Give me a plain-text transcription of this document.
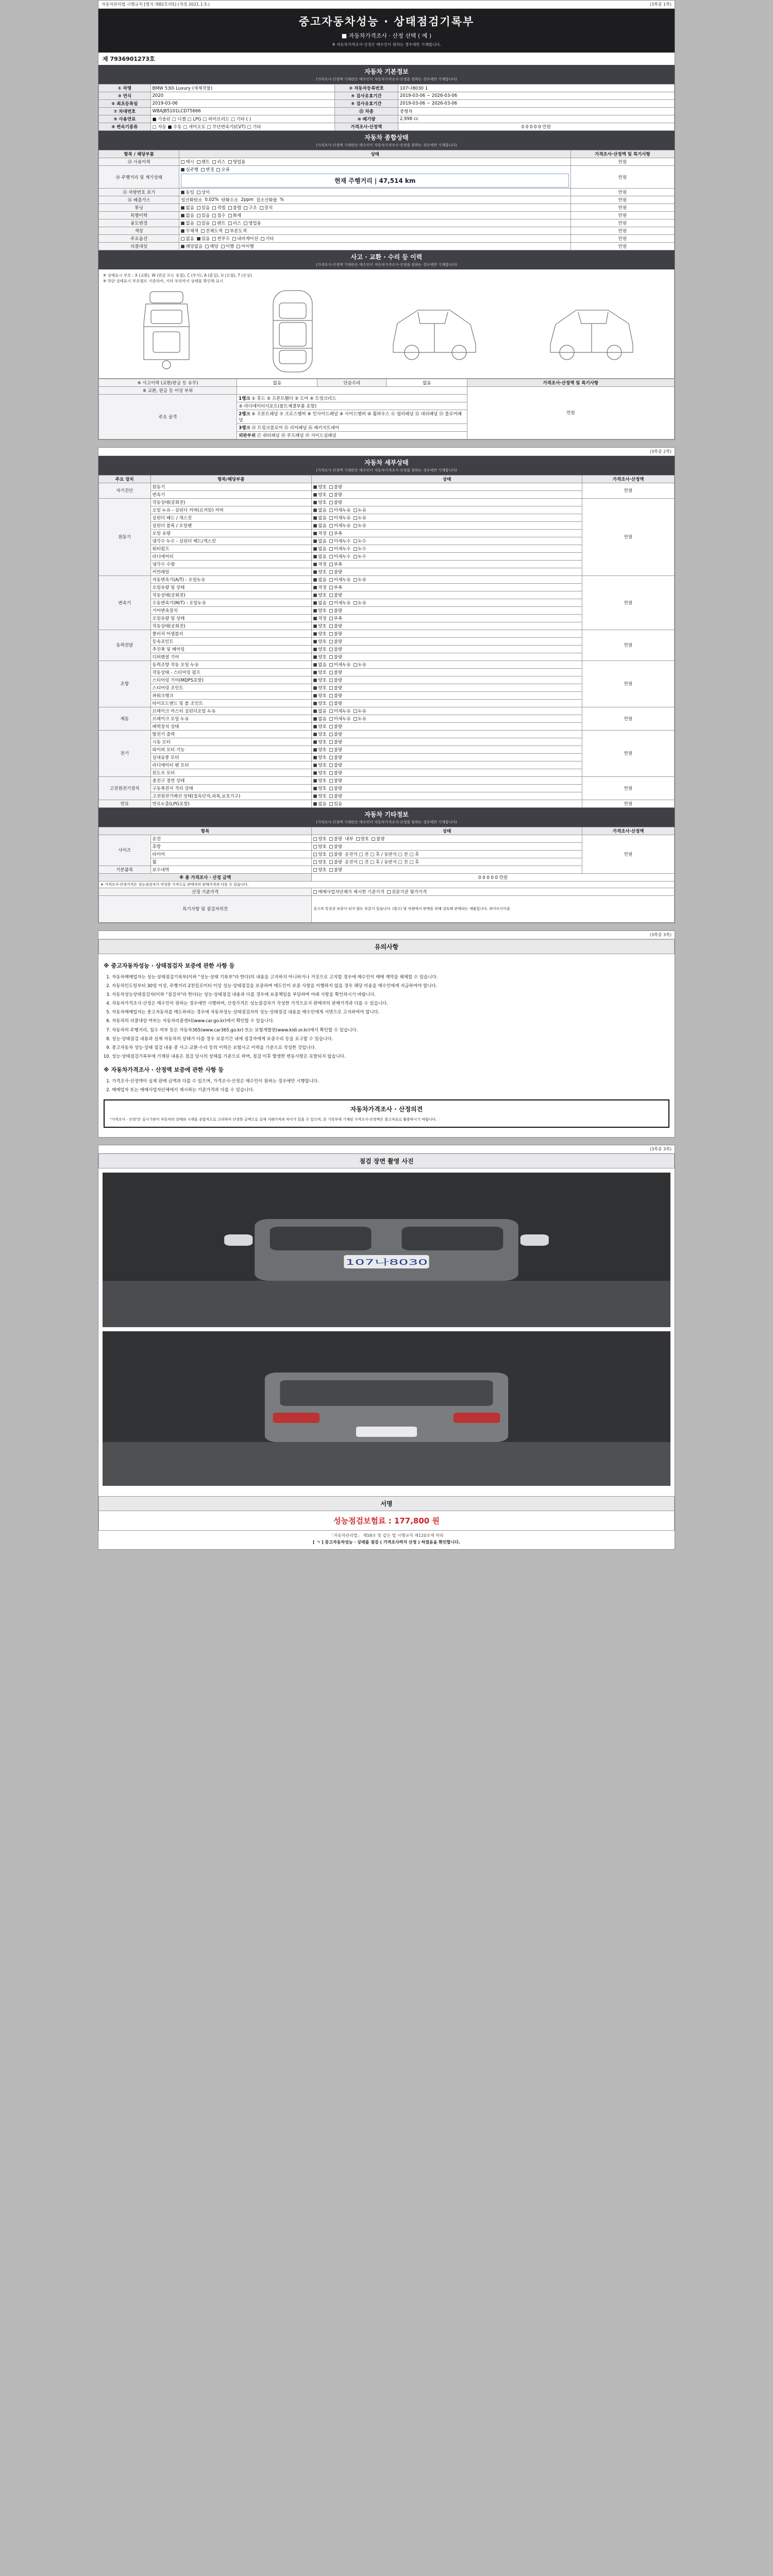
자동차관리법 시행규칙 [별지 제82호의5] (개정 2021.1.5.)	(3쪽중 1쪽)
중고자동차성능 · 상태점검기록부
■ 자동차가격조사 · 산정 선택 ( 예 )
※ 자동차가격조사·산정은 매수인이 원하는 경우에만 기재합니다.
제 7936901273호
자동차 기본정보
(가격조사·산정액 기재란은 매수인이 자동차가격조사·산정을 원하는 경우에만 기재합니다)
① 차명	BMW 530i Luxury (새제작물)	② 자동차등록번호	107나8030 1
③ 연식	2020	④ 검사유효기간	2019-03-06 ~ 2026-03-06
⑤ 최초등록일	2019-03-06	⑥ 검사유효기간	2019-03-06 ~ 2026-03-06
⑦ 차대번호	WBAJB5101LCD75666	⑪ 차종	중형차
⑨ 사용연료	■ 가솔린 □ 디젤 □ LPG □ 하이브리드 □ 기타 ( )	⑩ 배기량	2,998 cc
⑧ 변속기종류	□ 자동 ■ 수동 □ 세미오토 □ 무단변속기(CVT) □ 기타	가격조사·산정액	0 0 0 0 0 만원
자동차 종합상태
(가격조사·산정액 기재란은 매수인이 자동차가격조사·산정을 원하는 경우에만 기재합니다)
항목 / 해당부품	상태	가격조사·산정액 및 특기사항
⑬ 사용이력	택시 렌트 리스 영업용	만원
⑭ 주행거리 및 계기상태	실주행 변경 오류
현재 주행거리 | 47,514 km	만원
⑮ 차량번호 표기	동일 상이	만원
⑯ 배출가스	일산화탄소 0.02% 탄화수소 2ppm 질소산화물 %	만원
튜닝	없음	있음	적법	불법	구조	장치	만원
특별이력	없음 있음 침수 화재	만원
용도변경	없음 있음 렌트 리스 영업용	만원
색상	무채색 전체도색 부분도색	만원
주요옵션	없음 있음 썬루프 내비게이션 기타	만원
리콜대상	해당없음 해당 이행 미이행	만원
사고 · 교환 · 수리 등 이력
(가격조사·산정액 기재란은 매수인이 자동차가격조사·산정을 원하는 경우에만 기재합니다)
※ 상태표시 부호 : X (교환), W (판금 또는 용접), C (부식), A (흠집), U (요철), T (손상)
※ 하단 상태표시 부호별로 기준하여, 기타 부위까지 상태를 확인해 표시
※ 사고이력 (교환/판금 등 유무)	없음	단순수리	없음	가격조사·산정액 및 특기사항
※ 교환, 판금 등 이상 부위				만원
주요 골격	1랭크 ① 후드 ② 프론트휀더 ③ 도어 ④ 트렁크리드			
	⑤ 라디에이터서포트(볼트체결부품 포함)			
	2랭크 ⑥ 프론트패널 ⑦ 크로스멤버 ⑧ 인사이드패널 ⑨ 사이드멤버 ⑩ 휠하우스 ⑪ 필러패널 ⑫ 대쉬패널 ⑬ 플로어패널			
	3랭크 ⑭ 트렁크플로어 ⑮ 리어패널 ⑯ 패키지트레이			
	외판부위 ⑰ 쿼터패널 ⑱ 루프패널 ⑲ 사이드실패널			
(3쪽중 2쪽)
자동차 세부상태
(가격조사·산정액 기재란은 매수인이 자동차가격조사·산정을 원하는 경우에만 기재합니다)
주요 장치	항목/해당부품	상태	가격조사·산정액
자기진단	원동기	양호 불량	만원
	변속기	양호 불량	

원동기	작동상태(공회전)	양호 불량	만원
	오일 누유 - 실린더 커버(로커암) 커버	없음 미세누유 누유	

	실린더 헤드 / 개스킷	없음 미세누유 누유	

	실린더 블록 / 오일팬	없음 미세누유 누유	

	오일 유량	적정 부족	

	냉각수 누수 - 실린더 헤드/개스킷	없음 미세누수 누수	

	워터펌프	없음 미세누수 누수	

	라디에이터	없음 미세누수 누수	

	냉각수 수량	적정 부족	

	커먼레일	양호 불량	

변속기	자동변속기(A/T) - 오일누유	없음 미세누유 누유	만원
	오일유량 및 상태	적정 부족	

	작동상태(공회전)	양호 불량	

	수동변속기(M/T) - 오일누유	없음 미세누유 누유	

	기어변속장치	양호 불량	

	오일유량 및 상태	적정 부족	

	작동상태(공회전)	양호 불량	

동력전달	클러치 어셈블리	양호 불량	만원
	등속죠인트	양호 불량	

	추진축 및 베어링	양호 불량	

	디퍼렌셜 기어	양호 불량	

조향	동력조향 작동 오일 누유	없음 미세누유 누유	만원
	작동상태 - 스티어링 펌프	양호 불량	

	스티어링 기어(MDPS포함)	양호 불량	

	스티어링 조인트	양호 불량	

	파워크랭크	양호 불량	

	타이로드엔드 및 볼 조인트	양호 불량	

제동	브레이크 마스터 실린더오일 누유	없음 미세누유 누유	만원
	브레이크 오일 누유	없음 미세누유 누유	

	배력장치 상태	양호 불량	

전기	발전기 출력	양호 불량	만원
	시동 모터	양호 불량	

	와이퍼 모터 기능	양호 불량	

	실내송풍 모터	양호 불량	

	라디에이터 팬 모터	양호 불량	

	윈도우 모터	양호 불량	

고전원전기장치	충전구 절연 상태	양호 불량	만원
	구동축전지 격리 상태	양호 불량	

	고전원전기배선 상태(접속단자,피복,보호기구)	양호 불량	

연료	연료누출(LPG포함)	없음 있음	만원
자동차 기타정보
(가격조사·산정액 기재란은 매수인이 자동차가격조사·산정을 원하는 경우에만 기재합니다)
항목		상태	가격조사·산정액
사이즈	운전	양호 불량 내부 양호 불량	만원
	후방	양호 불량	

	타이어	양호 불량 운전석 □ 전 □ 후 / 동반석 □ 전 □ 후	

	휠	양호 불량 운전석 □ 전 □ 후 / 동반석 □ 전 □ 후	

기본품목	보수내역	양호 불량	

※ 총 가격조사 · 산정 금액		0 0 0 0 0 만원	
※ 가격조사·산정가격은 성능점검자가 작성한 가격으로 판매자의 판매가격과 다를 수 있습니다.			
산정 기준가격		매매사업자단체가 제시한 기준가격 전문기관 평가가격	

특기사항 및 점검자의견		중고차 특성상 보증이 되지 않는 부분이 있습니다. (참고) 및 차량에서 판매를 위해 검토해 판매되는 제품입니다. 라이프사이클	
(3쪽중 3쪽)
유의사항
※ 중고자동차성능 · 상태점검자 보증에 관한 사항 등
1. 자동차매매업자는 성능·상태점검기록부(이하 "성능·상태 기록부"라 한다)의 내용을 고지하지 아니하거나 거짓으로 고지할 경우에 매수인이 매매 계약을 해제할 수 있습니다.
2. 자동차인도일부터 30일 이상, 주행거리 2천킬로미터 이상 성능·상태점검을 보증하며 매도인이 보증 사항을 이행하지 않을 경우 해당 비용을 매수인에게 지급하여야 합니다.
3. 자동차성능상태점검자(이하 "점검자"라 한다)는 성능·상태점검 내용과 다를 경우에 보증책임을 부담하며 아래 사항을 확인하시기 바랍니다.
4. 자동차가격조사·산정은 매수인이 원하는 경우에만 시행하며, 산정가격은 성능점검자가 작성한 가격으로서 판매자의 판매가격과 다를 수 있습니다.
5. 자동차매매업자는 중고자동차를 매도하려는 경우에 자동차성능·상태점검자의 성능·상태점검 내용을 매수인에게 서면으로 고지하여야 합니다.
6. 자동차의 리콜대상 여부는 자동차리콜센터(www.car.go.kr)에서 확인할 수 있습니다.
7. 자동차의 주행거리, 침수 여부 등은 자동차365(www.car365.go.kr) 또는 보험개발원(www.kidi.or.kr)에서 확인할 수 있습니다.
8. 성능·상태점검 내용과 실제 자동차의 상태가 다를 경우 보증기간 내에 점검자에게 보증수리 등을 요구할 수 있습니다.
9. 중고자동차 성능·상태 점검 내용 중 사고·교환·수리 등의 이력은 보험사고 이력을 기준으로 작성한 것입니다.
10. 성능·상태점검기록부에 기재된 내용은 점검 당시의 상태를 기준으로 하며, 점검 이후 발생한 변동사항은 포함되지 않습니다.
※ 자동차가격조사 · 산정액 보증에 관한 사항 등
1. 가격조사·산정액이 실제 판매 금액과 다를 수 있으며, 가격조사·산정은 매수인이 원하는 경우에만 시행합니다.
2. 매매업자 또는 매매사업자단체에서 제시하는 기준가격과 다를 수 있습니다.
자동차가격조사 · 산정의견
"가격조사 · 산정"은 실시기관이 자동차의 상태와 시세를 종합적으로 고려하여 산정한 금액으로 실제 거래가격과 차이가 있을 수 있으며, 본 기록부에 기재된 가격조사·산정액은 참고자료로 활용하시기 바랍니다.
(3쪽중 3쪽)
점검 장면 촬영 사진
107나8030
서명
성능점검보험료 : 177,800 원
「자동차관리법」 제58조 및 같은 법 시행규칙 제120조에 따라
[ ㄱ ] 중고자동차성능 · 상태를 점검 ( 가격조사까지 산정 ) 하였음을 확인합니다.
